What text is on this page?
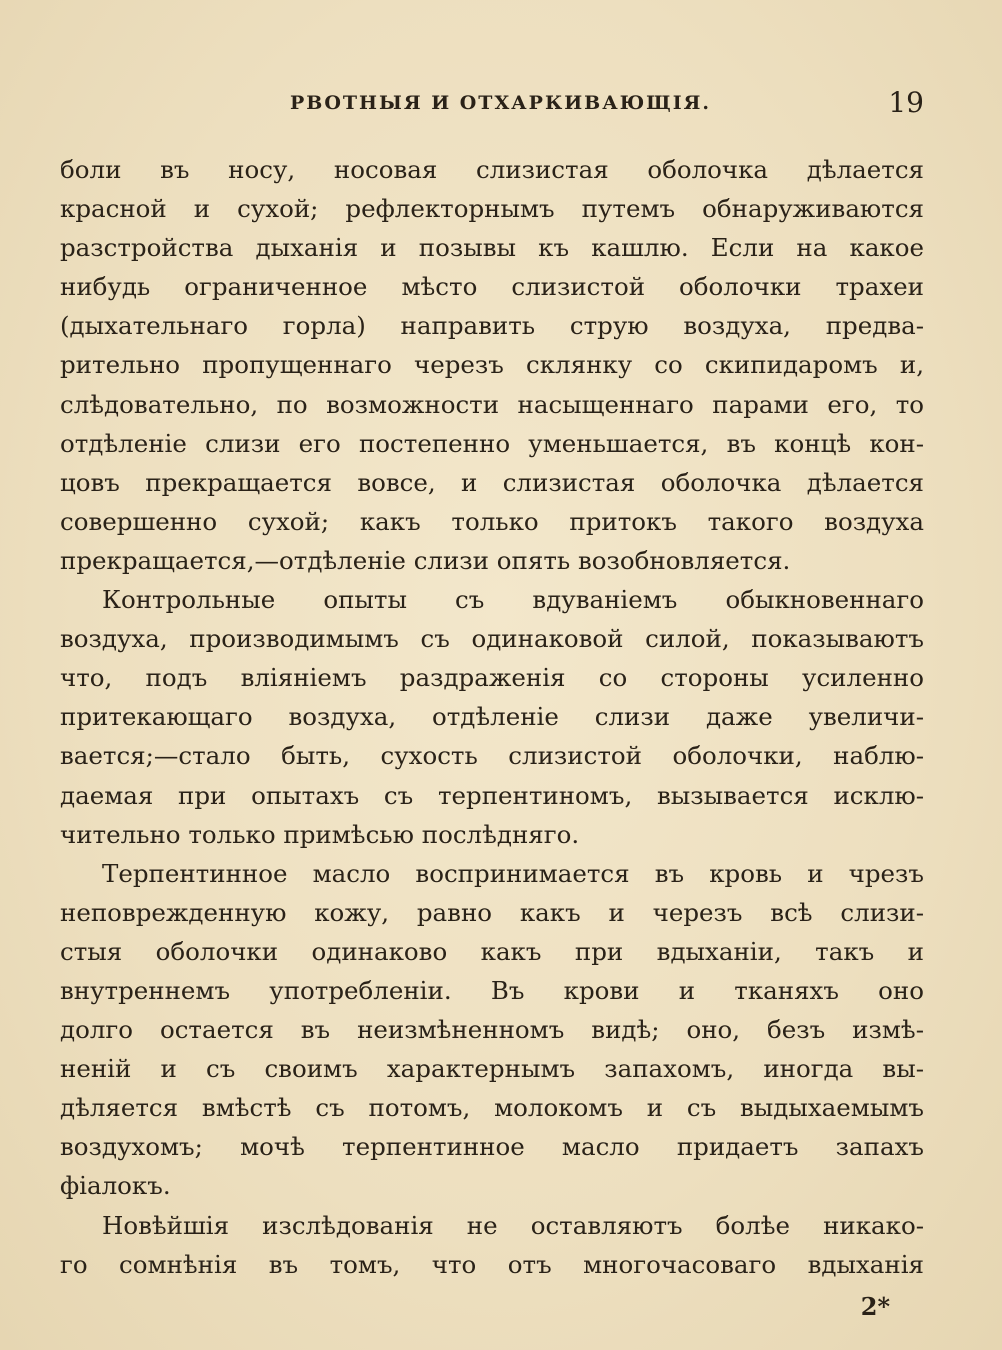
РВОТНЫЯ И ОТХАРКИВАЮЩIЯ.	19
боли въ носу, носовая слизистая оболочка дѣлается
красной и сухой; рефлекторнымъ путемъ обнаруживаются
разстройства дыханія и позывы къ кашлю. Если на какое
нибудь ограниченное мѣсто слизистой оболочки трахеи
(дыхательнаго горла) направить струю воздуха, предва-
рительно пропущеннаго черезъ склянку со скипидаромъ и,
слѣдовательно, по возможности насыщеннаго парами его, то
отдѣленіе слизи его постепенно уменьшается, въ концѣ кон-
цовъ прекращается вовсе, и слизистая оболочка дѣлается
совершенно сухой; какъ только притокъ такого воздуха
прекращается,—отдѣленіе слизи опять возобновляется.
Контрольные опыты съ вдуваніемъ обыкновеннаго
воздуха, производимымъ съ одинаковой силой, показываютъ
что, подъ вліяніемъ раздраженія со стороны усиленно
притекающаго воздуха, отдѣленіе слизи даже увеличи-
вается;—стало быть, сухость слизистой оболочки, наблю-
даемая при опытахъ съ терпентиномъ, вызывается исклю-
чительно только примѣсью послѣдняго.
Терпентинное масло воспринимается въ кровь и чрезъ
неповрежденную кожу, равно какъ и черезъ всѣ слизи-
стыя оболочки одинаково какъ при вдыханіи, такъ и
внутреннемъ употребленіи. Въ крови и тканяхъ оно
долго остается въ неизмѣненномъ видѣ; оно, безъ измѣ-
неній и съ своимъ характернымъ запахомъ, иногда вы-
дѣляется вмѣстѣ съ потомъ, молокомъ и съ выдыхаемымъ
воздухомъ; мочѣ терпентинное масло придаетъ запахъ
фіалокъ.
Новѣйшія изслѣдованія не оставляютъ болѣе никако-
го сомнѣнія въ томъ, что отъ многочасоваго вдыханія
2*
